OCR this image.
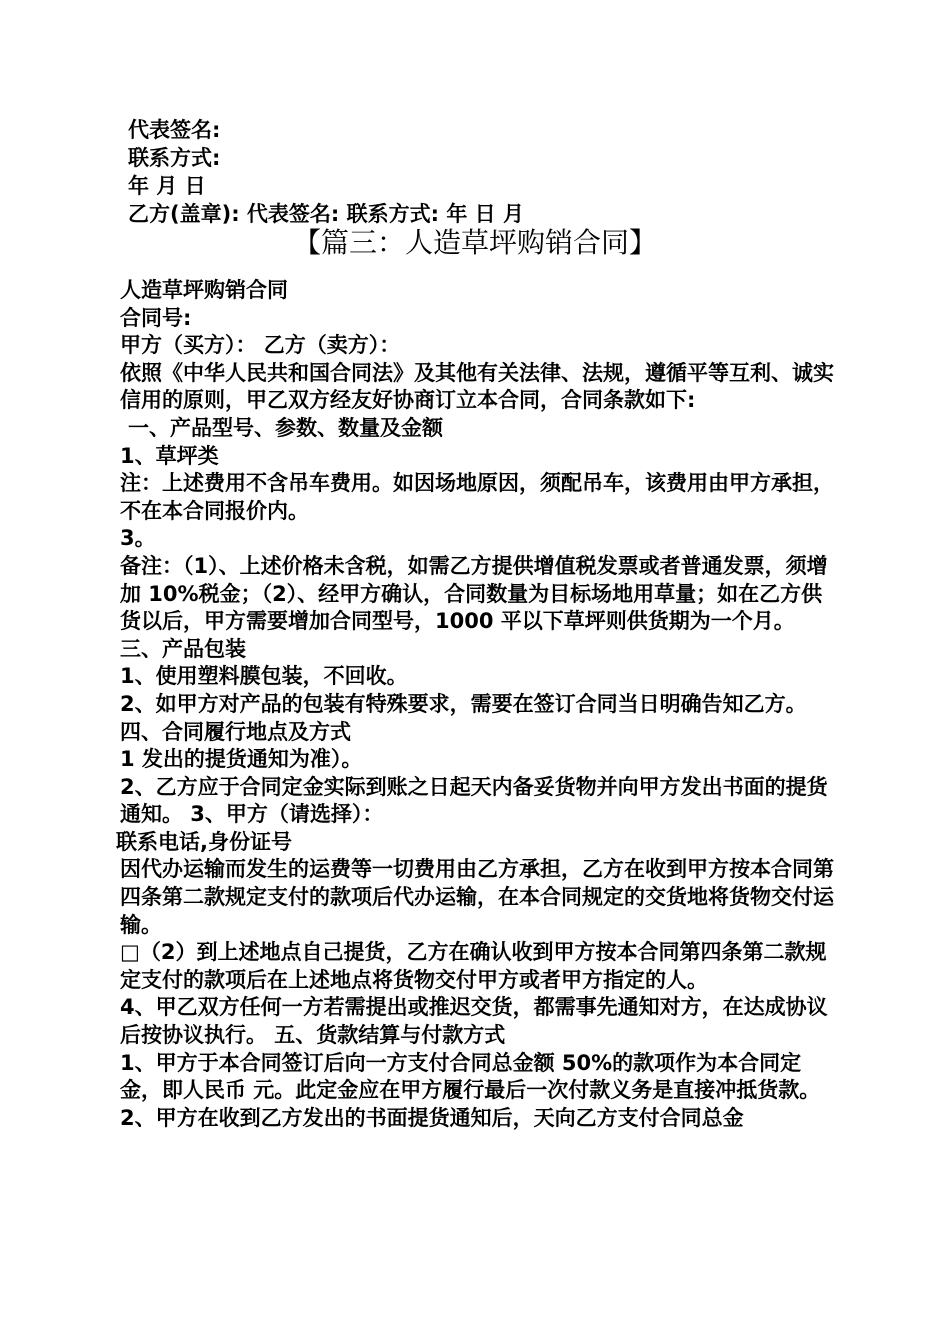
代表签名:
联系方式:
年 月 日
乙方(盖章): 代表签名: 联系方式: 年 日 月
【篇三：人造草坪购销合同】

人造草坪购销合同

合同号:

甲方（买方）： 乙方（卖方）：

依照《中华人民共和国合同法》及其他有关法律、法规，遵循平等互利、诚实信用的原则，甲乙双方经友好协商订立本合同，合同条款如下:

一、产品型号、参数、数量及金额

1、草坪类

注：上述费用不含吊车费用。如因场地原因，须配吊车，该费用由甲方承担，不在本合同报价内。

3。

备注：（1）、上述价格未含税，如需乙方提供增值税发票或者普通发票，须增加 10%税金；（2）、经甲方确认，合同数量为目标场地用草量；如在乙方供货以后，甲方需要增加合同型号，1000 平以下草坪则供货期为一个月。 三、产品包装

1、使用塑料膜包装，不回收。

2、如甲方对产品的包装有特殊要求，需要在签订合同当日明确告知乙方。 四、合同履行地点及方式

1 发出的提货通知为准）。

2、乙方应于合同定金实际到账之日起天内备妥货物并向甲方发出书面的提货通知。 3、甲方（请选择）：

联系电话,身份证号

因代办运输而发生的运费等一切费用由乙方承担，乙方在收到甲方按本合同第四条第二款规定支付的款项后代办运输，在本合同规定的交货地将货物交付运输。

□（2）到上述地点自己提货，乙方在确认收到甲方按本合同第四条第二款规定支付的款项后在上述地点将货物交付甲方或者甲方指定的人。

4、甲乙双方任何一方若需提出或推迟交货，都需事先通知对方，在达成协议后按协议执行。 五、货款结算与付款方式

1、甲方于本合同签订后向一方支付合同总金额 50%的款项作为本合同定金，即人民币 元。此定金应在甲方履行最后一次付款义务是直接冲抵货款。

2、甲方在收到乙方发出的书面提货通知后，天向乙方支付合同总金
